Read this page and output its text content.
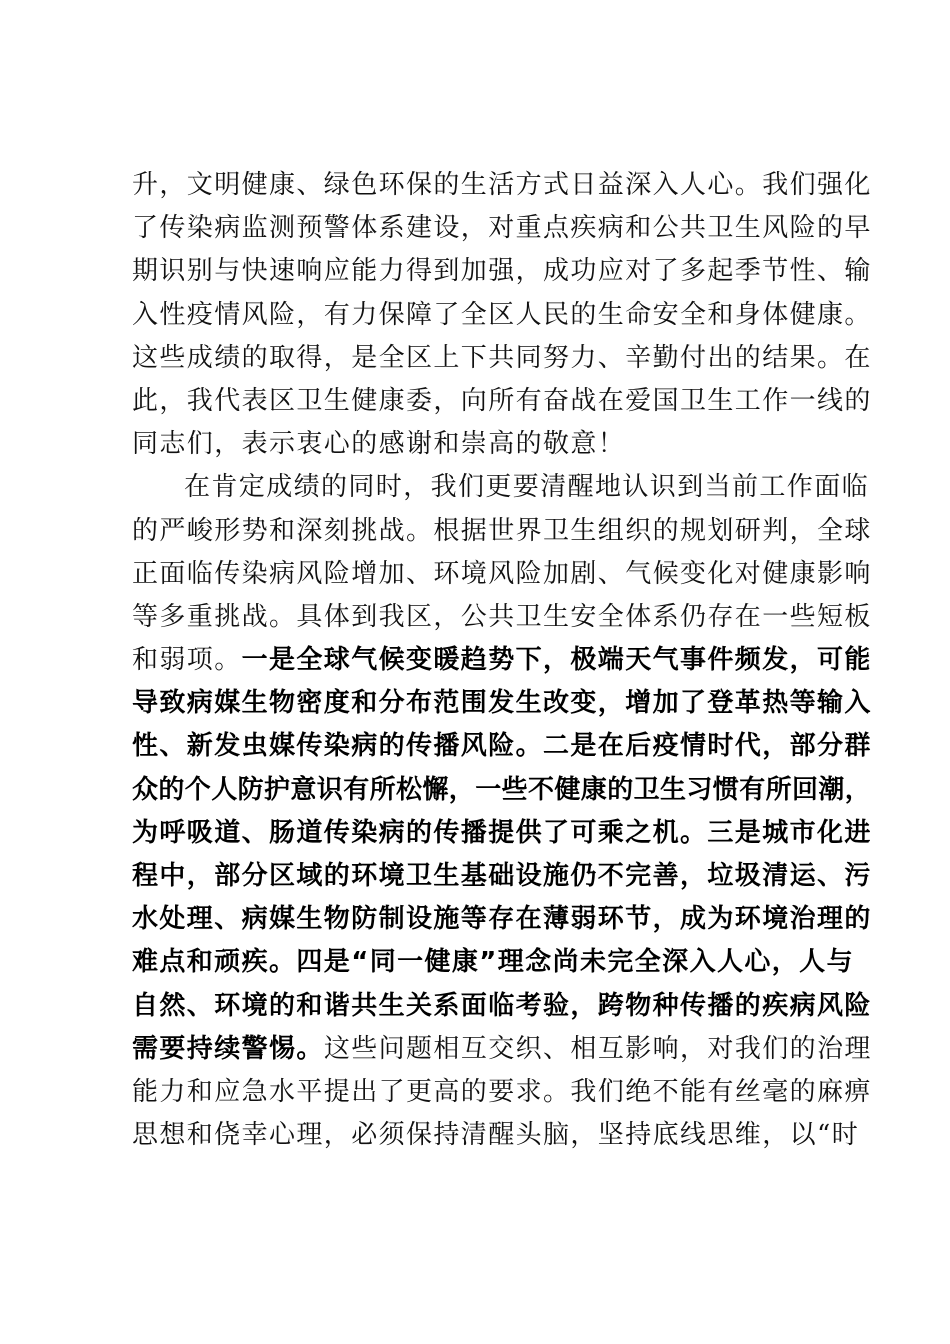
升，文明健康、绿色环保的生活方式日益深入人心。我们强化
了传染病监测预警体系建设，对重点疾病和公共卫生风险的早
期识别与快速响应能力得到加强，成功应对了多起季节性、输
入性疫情风险，有力保障了全区人民的生命安全和身体健康。
这些成绩的取得，是全区上下共同努力、辛勤付出的结果。在
此，我代表区卫生健康委，向所有奋战在爱国卫生工作一线的
同志们，表示衷心的感谢和崇高的敬意！
在肯定成绩的同时，我们更要清醒地认识到当前工作面临
的严峻形势和深刻挑战。根据世界卫生组织的规划研判，全球
正面临传染病风险增加、环境风险加剧、气候变化对健康影响
等多重挑战。具体到我区，公共卫生安全体系仍存在一些短板
和弱项。一是全球气候变暖趋势下，极端天气事件频发，可能
导致病媒生物密度和分布范围发生改变，增加了登革热等输入
性、新发虫媒传染病的传播风险。二是在后疫情时代，部分群
众的个人防护意识有所松懈，一些不健康的卫生习惯有所回潮，
为呼吸道、肠道传染病的传播提供了可乘之机。三是城市化进
程中，部分区域的环境卫生基础设施仍不完善，垃圾清运、污
水处理、病媒生物防制设施等存在薄弱环节，成为环境治理的
难点和顽疾。四是“同一健康”理念尚未完全深入人心，人与
自然、环境的和谐共生关系面临考验，跨物种传播的疾病风险
需要持续警惕。这些问题相互交织、相互影响，对我们的治理
能力和应急水平提出了更高的要求。我们绝不能有丝毫的麻痹
思想和侥幸心理，必须保持清醒头脑，坚持底线思维，以“时
